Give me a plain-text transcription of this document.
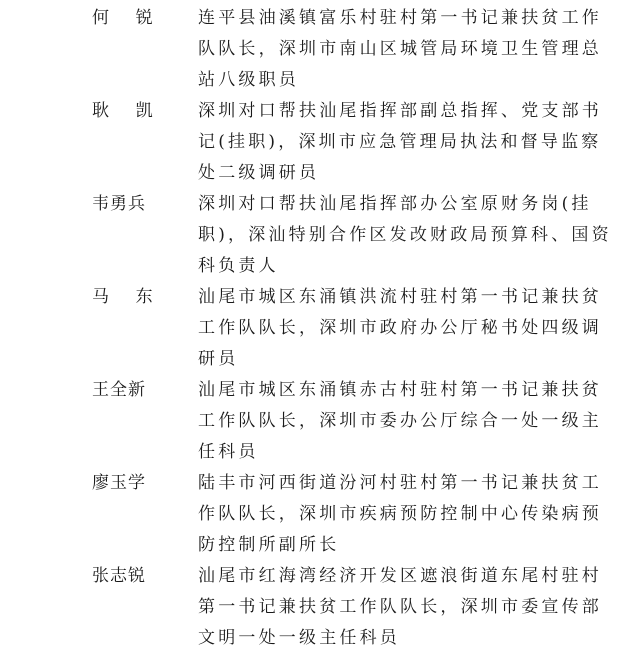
何    锐	连平县油溪镇富乐村驻村第一书记兼扶贫工作
队队长，深圳市南山区城管局环境卫生管理总
站八级职员
耿    凯	深圳对口帮扶汕尾指挥部副总指挥、党支部书
记(挂职)，深圳市应急管理局执法和督导监察
处二级调研员
韦勇兵	深圳对口帮扶汕尾指挥部办公室原财务岗(挂
职)，深汕特别合作区发改财政局预算科、国资
科负责人
马    东	汕尾市城区东涌镇洪流村驻村第一书记兼扶贫
工作队队长，深圳市政府办公厅秘书处四级调
研员
王全新	汕尾市城区东涌镇赤古村驻村第一书记兼扶贫
工作队队长，深圳市委办公厅综合一处一级主
任科员
廖玉学	陆丰市河西街道汾河村驻村第一书记兼扶贫工
作队队长，深圳市疾病预防控制中心传染病预
防控制所副所长
张志锐	汕尾市红海湾经济开发区遮浪街道东尾村驻村
第一书记兼扶贫工作队队长，深圳市委宣传部
文明一处一级主任科员
